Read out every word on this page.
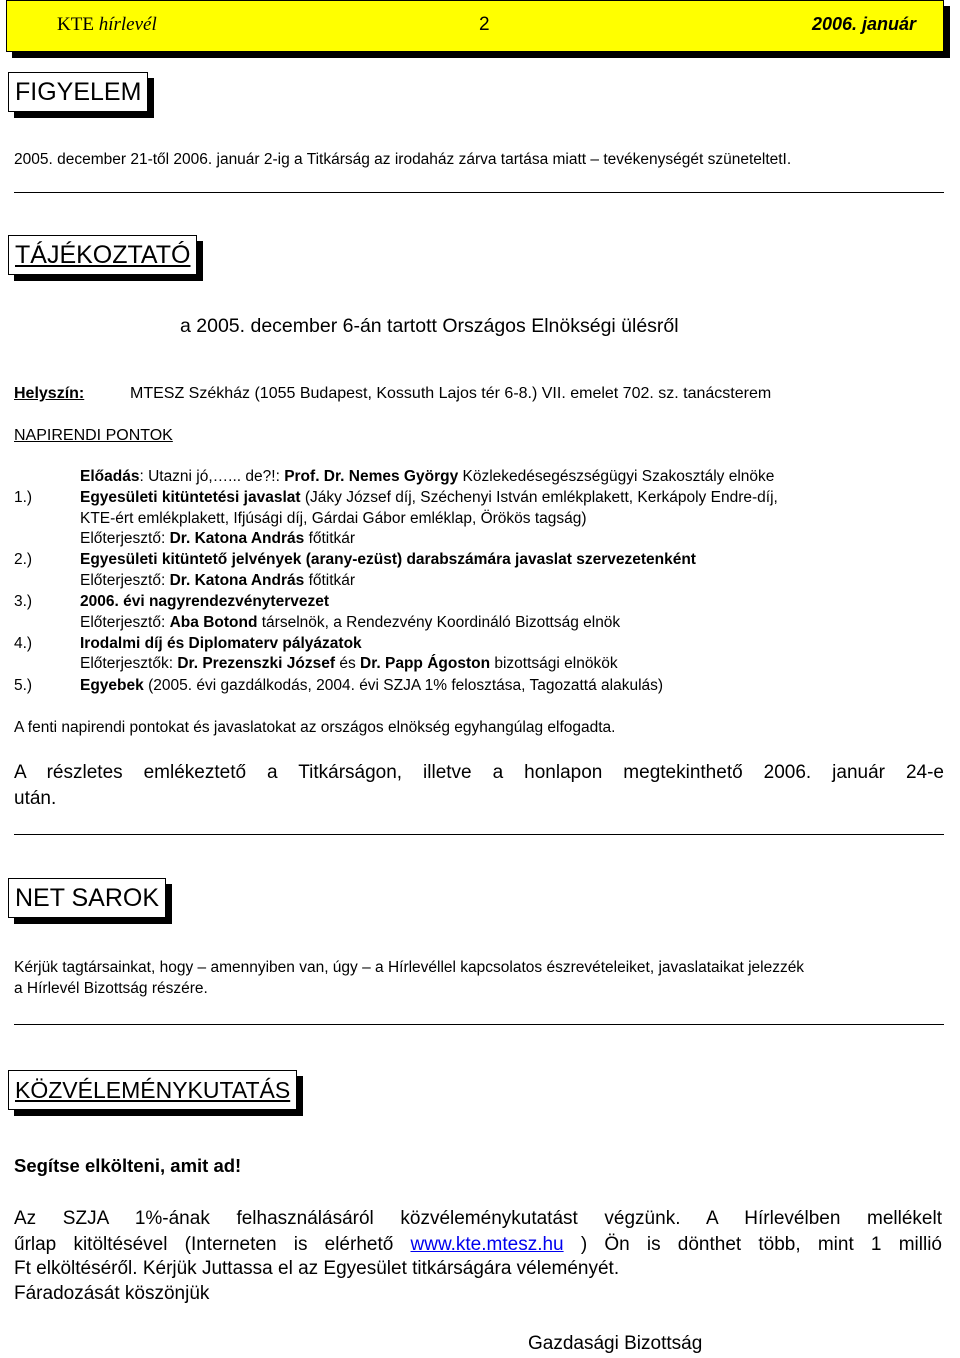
KTE hírlevél	2	2006. január
FIGYELEM
2005. december 21-től 2006. január 2-ig a Titkárság az irodaház zárva tartása miatt – tevékenységét szüneteltetI.
TÁJÉKOZTATÓ
a 2005. december 6-án tartott Országos Elnökségi ülésről
Helyszín:	MTESZ Székház (1055 Budapest, Kossuth Lajos tér 6-8.) VII. emelet 702. sz. tanácsterem
NAPIRENDI PONTOK
Előadás: Utazni jó,…... de?!: Prof. Dr. Nemes György Közlekedésegészségügyi Szakosztály elnöke
1.)	Egyesületi kitüntetési javaslat (Jáky József díj, Széchenyi István emlékplakett, Kerkápoly Endre-díj,
KTE-ért emlékplakett, Ifjúsági díj, Gárdai Gábor emléklap, Örökös tagság)
Előterjesztő: Dr. Katona András főtitkár
2.)	Egyesületi kitüntető jelvények (arany-ezüst) darabszámára javaslat szervezetenként
Előterjesztő: Dr. Katona András főtitkár
3.)	2006. évi nagyrendezvénytervezet
Előterjesztő: Aba Botond társelnök, a Rendezvény Koordináló Bizottság elnök
4.)	Irodalmi díj és Diplomaterv pályázatok
Előterjesztők: Dr. Prezenszki József és Dr. Papp Ágoston bizottsági elnökök
5.)	Egyebek (2005. évi gazdálkodás, 2004. évi SZJA 1% felosztása, Tagozattá alakulás)
A fenti napirendi pontokat és javaslatokat az országos elnökség egyhangúlag elfogadta.
A részletes emlékeztető a Titkárságon, illetve a honlapon megtekinthető 2006. január 24-e
után.
NET SAROK
Kérjük tagtársainkat, hogy – amennyiben van, úgy – a Hírlevéllel kapcsolatos észrevételeiket, javaslataikat jelezzék
a Hírlevél Bizottság részére.
KÖZVÉLEMÉNYKUTATÁS
Segítse elkölteni, amit ad!
Az SZJA 1%-ának felhasználásáról közvéleménykutatást végzünk. A Hírlevélben mellékelt
űrlap kitöltésével (Interneten is elérhető www.kte.mtesz.hu ) Ön is dönthet több, mint 1 millió
Ft elköltéséről. Kérjük Juttassa el az Egyesület titkárságára véleményét.
Fáradozását köszönjük
Gazdasági Bizottság
